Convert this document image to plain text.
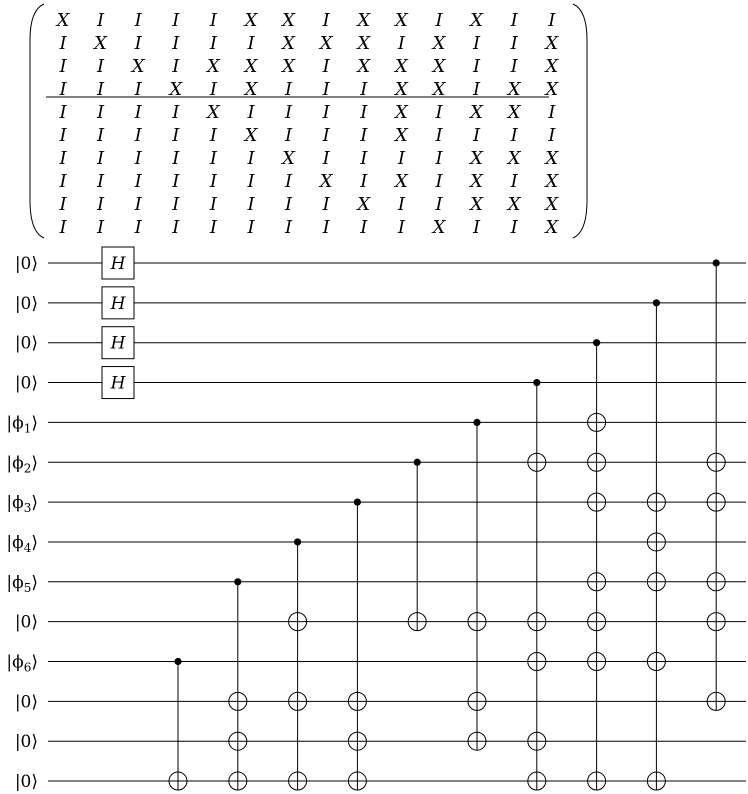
X I I I I X X I X X I X I I
I X I I I I X X X I X I I X
I I X I X X X I X X X I I X
I I I X I X I I I X X I X X
I I I I X I I I I X I X X I
I I I I I X I I I X I I I I
I I I I I I X I I I I X X X
I I I I I I I X I X I X I X
I I I I I I I I X I I X X X
I I I I I I I I I I X I I X
|0⟩
|0⟩
|0⟩
|0⟩
$|\phi_1⟩$
$|\phi_2⟩$
$|\phi_3⟩$
$|\phi_4⟩$
$|\phi_5⟩$
|0⟩
$|\phi_6⟩$
|0⟩
|0⟩
|0⟩
H
H
H
H
